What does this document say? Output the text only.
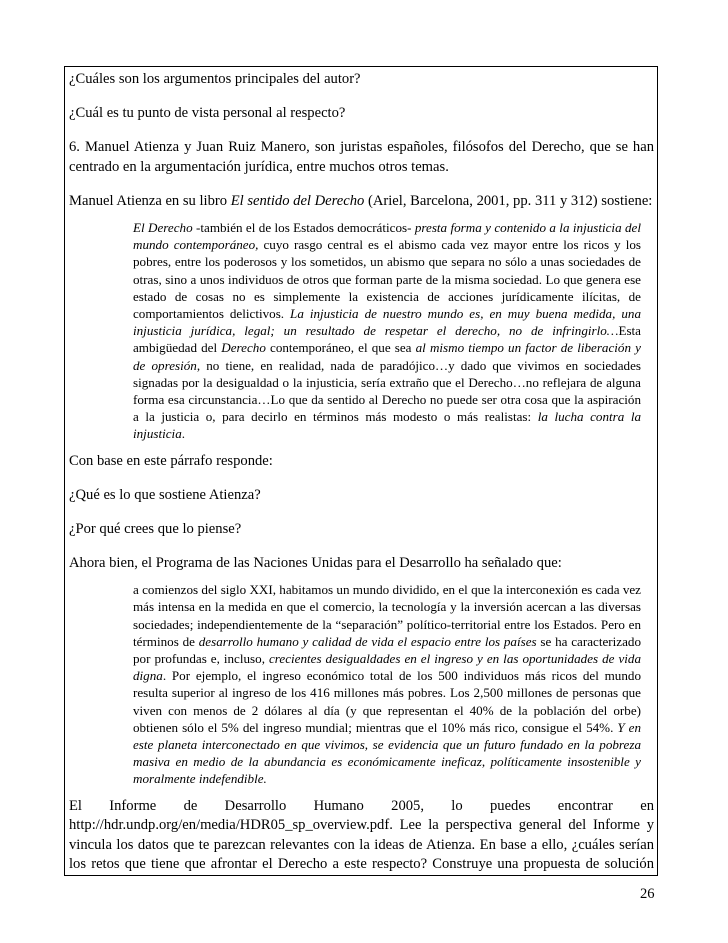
¿Cuáles son los argumentos principales del autor?

¿Cuál es tu punto de vista personal al respecto?

6. Manuel Atienza y Juan Ruiz Manero, son juristas españoles, filósofos del Derecho, que se han centrado en la argumentación jurídica, entre muchos otros temas.

Manuel Atienza en su libro El sentido del Derecho (Ariel, Barcelona, 2001, pp. 311 y 312) sostiene:

El Derecho -también el de los Estados democráticos- presta forma y contenido a la injusticia del mundo contemporáneo, cuyo rasgo central es el abismo cada vez mayor entre los ricos y los pobres, entre los poderosos y los sometidos, un abismo que separa no sólo a unas sociedades de otras, sino a unos individuos de otros que forman parte de la misma sociedad. Lo que genera ese estado de cosas no es simplemente la existencia de acciones jurídicamente ilícitas, de comportamientos delictivos. La injusticia de nuestro mundo es, en muy buena medida, una injusticia jurídica, legal; un resultado de respetar el derecho, no de infringirlo…Esta ambigüedad del Derecho contemporáneo, el que sea al mismo tiempo un factor de liberación y de opresión, no tiene, en realidad, nada de paradójico…y dado que vivimos en sociedades signadas por la desigualdad o la injusticia, sería extraño que el Derecho…no reflejara de alguna forma esa circunstancia…Lo que da sentido al Derecho no puede ser otra cosa que la aspiración a la justicia o, para decirlo en términos más modesto o más realistas: la lucha contra la injusticia.

Con base en este párrafo responde:

¿Qué es lo que sostiene Atienza?

¿Por qué crees que lo piense?

Ahora bien, el Programa de las Naciones Unidas para el Desarrollo ha señalado que:

a comienzos del siglo XXI, habitamos un mundo dividido, en el que la interconexión es cada vez más intensa en la medida en que el comercio, la tecnología y la inversión acercan a las diversas sociedades; independientemente de la “separación” político-territorial entre los Estados. Pero en términos de desarrollo humano y calidad de vida el espacio entre los países se ha caracterizado por profundas e, incluso, crecientes desigualdades en el ingreso y en las oportunidades de vida digna. Por ejemplo, el ingreso económico total de los 500 individuos más ricos del mundo resulta superior al ingreso de los 416 millones más pobres. Los 2,500 millones de personas que viven con menos de 2 dólares al día (y que representan el 40% de la población del orbe) obtienen sólo el 5% del ingreso mundial; mientras que el 10% más rico, consigue el 54%. Y en este planeta interconectado en que vivimos, se evidencia que un futuro fundado en la pobreza masiva en medio de la abundancia es económicamente ineficaz, políticamente insostenible y moralmente indefendible.

El Informe de Desarrollo Humano 2005, lo puedes encontrar en

http://hdr.undp.org/en/media/HDR05_sp_overview.pdf. Lee la perspectiva general del Informe y vincula los datos que te parezcan relevantes con la ideas de Atienza. En base a ello, ¿cuáles serían los retos que tiene que afrontar el Derecho a este respecto? Construye una propuesta de solución

26
